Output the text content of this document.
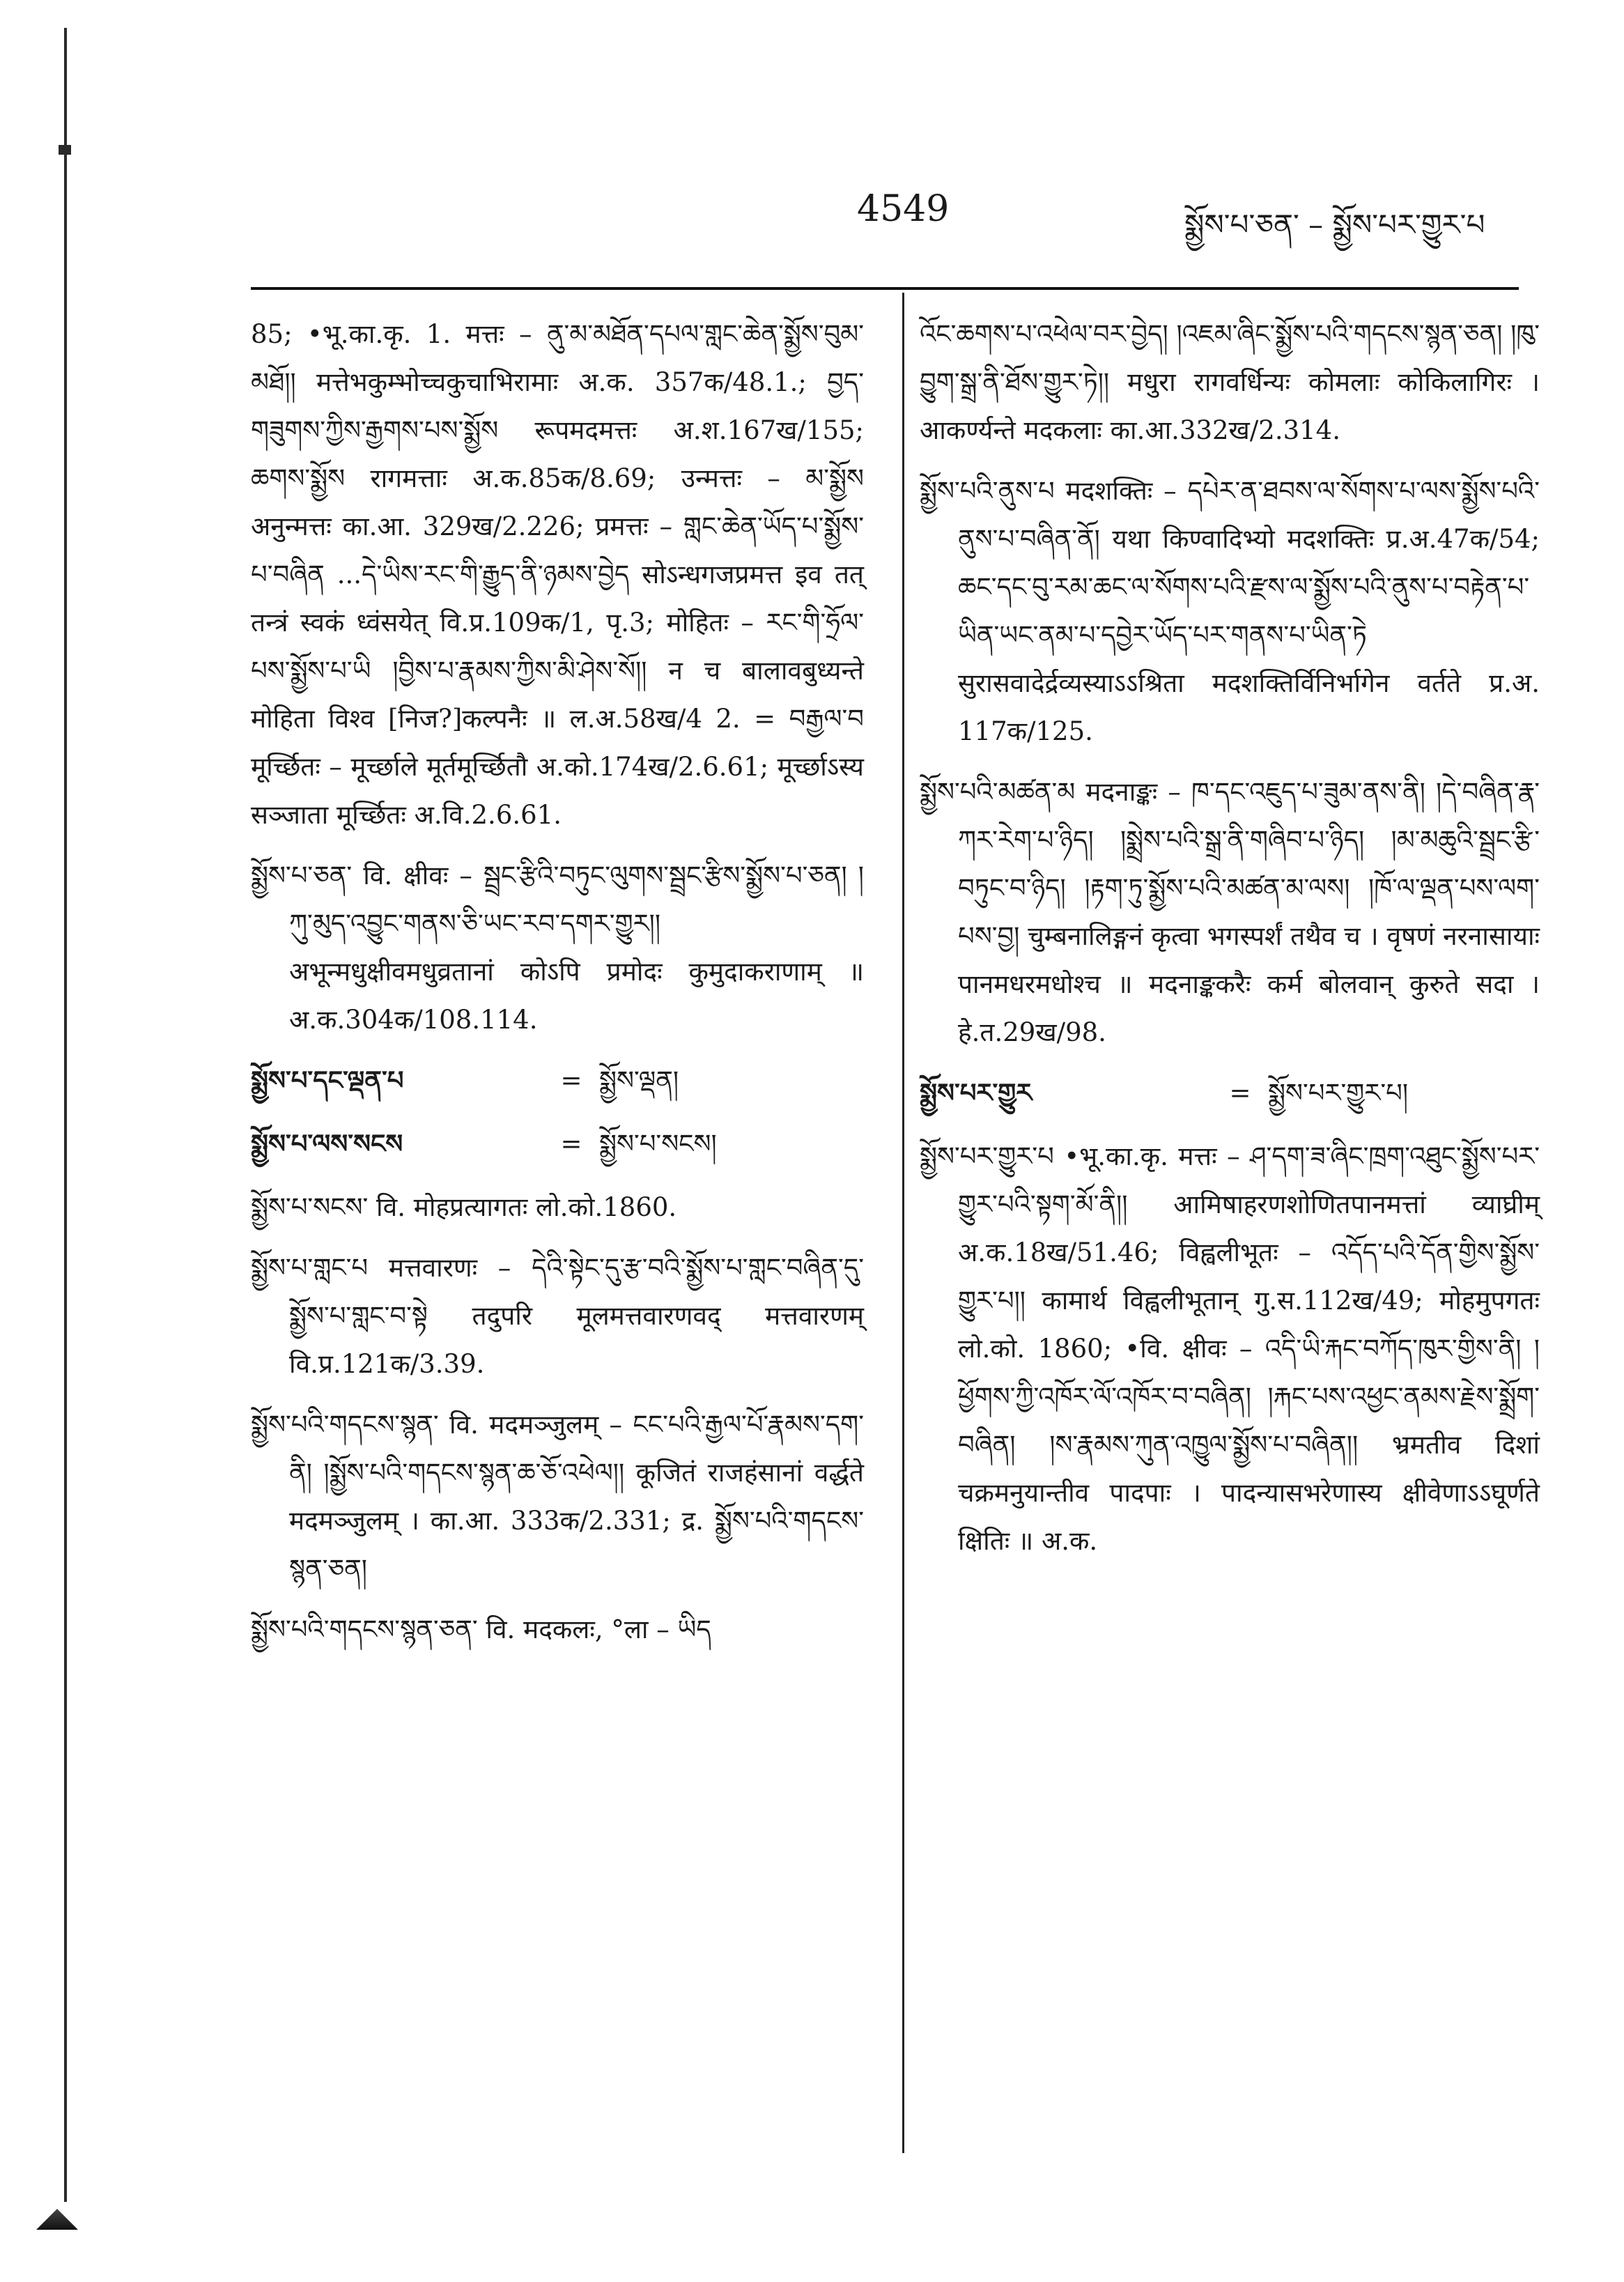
4549	སྨྱོས་པ་ཅན་ – སྨྱོས་པར་གྱུར་པ

85; •भू.का.कृ. 1. मत्तः – ནུ་མ་མཐོན་དཔལ་གླང་ཆེན་སྨྱོས་བུམ་མཐོ།། मत्तेभकुम्भोच्चकुचाभिरामाः अ.क. 357क/48.1.; བྱད་གཟུགས་ཀྱིས་རྒྱགས་པས་སྨྱོས रूपमदमत्तः अ.श.167ख/155; ཆགས་སྨྱོས रागमत्ताः अ.क.85क/8.69; उन्मत्तः – མ་སྨྱོས अनुन्मत्तः का.आ. 329ख/2.226; प्रमत्तः – གླང་ཆེན་ཡོད་པ་སྨྱོས་པ་བཞིན ...དེ་ཡིས་རང་གི་རྒྱུད་ནི་ཉམས་བྱེད सोऽन्धगजप्रमत्त इव तत् तन्त्रं स्वकं ध्वंसयेत् वि.प्र.109क/1, पृ.3; मोहितः – རང་གི་ཧྲོལ་པས་སྨྱོས་པ་ཡི །བྱིས་པ་རྣམས་ཀྱིས་མི་ཤེས་སོ།། न च बालावबुध्यन्ते मोहिता विश्व [निज?]कल्पनैः ॥ ल.अ.58ख/4 2. = བརྒྱལ་བ मूर्च्छितः – मूर्च्छाले मूर्तमूर्च्छितौ अ.को.174ख/2.6.61; मूर्च्छाऽस्य सञ्जाता मूर्च्छितः अ.वि.2.6.61.

སྨྱོས་པ་ཅན་ वि. क्षीवः – སྦྲང་རྩིའི་བཏུང་ལུགས་སྦྲང་རྩིས་སྨྱོས་པ་ཅན། །ཀུ་མུད་འབྱུང་གནས་ཅི་ཡང་རབ་དགར་གྱུར།། अभून्मधुक्षीवमधुव्रतानां कोऽपि प्रमोदः कुमुदाकराणाम् ॥ अ.क.304क/108.114.

སྨྱོས་པ་དང་ལྡན་པ	= སྨྱོས་ལྡན།
སྨྱོས་པ་ལས་སངས	= སྨྱོས་པ་སངས།

སྨྱོས་པ་སངས་ वि. मोहप्रत्यागतः लो.को.1860.

སྨྱོས་པ་གླང་པ मत्तवारणः – དེའི་སྟེང་དུ་རྩ་བའི་སྨྱོས་པ་གླང་བཞིན་དུ་སྨྱོས་པ་གླང་བ་སྟེ तदुपरि मूलमत्तवारणवद् मत्तवारणम् वि.प्र.121क/3.39.

སྨྱོས་པའི་གདངས་སྙན་ वि. मदमञ्जुलम् – ངང་པའི་རྒྱལ་པོ་རྣམས་དག་ནི། །སྨྱོས་པའི་གདངས་སྙན་ཆ་ཅོ་འཕེལ།། कूजितं राजहंसानां वर्द्धते मदमञ्जुलम् । का.आ. 333क/2.331; द्र. སྨྱོས་པའི་གདངས་སྙན་ཅན།

སྨྱོས་པའི་གདངས་སྙན་ཅན་ वि. मदकलः, °ला – ཡིད

འོང་ཆགས་པ་འཕེལ་བར་བྱེད། །འཇམ་ཞིང་སྨྱོས་པའི་གདངས་སྙན་ཅན། །ཁུ་བྱུག་སྒྲ་ནི་ཐོས་གྱུར་ཏེ།། मधुरा रागवर्धिन्यः कोमलाः कोकिलागिरः । आकर्ण्यन्ते मदकलाः का.आ.332ख/2.314.

སྨྱོས་པའི་ནུས་པ मदशक्तिः – དཔེར་ན་ཐབས་ལ་སོགས་པ་ལས་སྨྱོས་པའི་ནུས་པ་བཞིན་ནོ། यथा किण्वादिभ्यो मदशक्तिः प्र.अ.47क/54; ཆང་དང་བུ་རམ་ཆང་ལ་སོགས་པའི་རྫས་ལ་སྨྱོས་པའི་ནུས་པ་བརྟེན་པ་ཡིན་ཡང་ནམ་པ་དབྱེར་ཡོད་པར་གནས་པ་ཡིན་ཏེ सुरासवादेर्द्रव्यस्याऽऽश्रिता मदशक्तिर्विनिर्भागेन वर्तते प्र.अ. 117क/125.

སྨྱོས་པའི་མཚན་མ मदनाङ्कः – ཁ་དང་འཇུད་པ་ཟུམ་ནས་ནི། །དེ་བཞིན་རྣ་ཀར་རེག་པ་ཉིད། །སྨྲེས་པའི་སྒྲ་ནི་གཞིབ་པ་ཉིད། །མ་མཆུའི་སྦྲང་རྩི་བཏུང་བ་ཉིད། །རྟག་ཏུ་སྨྱོས་པའི་མཚན་མ་ལས། །ཁོ་ལ་ལྡན་པས་ལག་པས་བྱ། चुम्बनालिङ्गनं कृत्वा भगस्पर्शं तथैव च । वृषणं नरनासायाः पानमधरमधोश्च ॥ मदनाङ्ककरैः कर्म बोलवान् कुरुते सदा । हे.त.29ख/98.

སྨྱོས་པར་གྱུར	= སྨྱོས་པར་གྱུར་པ།

སྨྱོས་པར་གྱུར་པ •भू.का.कृ. मत्तः – ཤ་དག་ཟ་ཞིང་ཁྲག་འཐུང་སྨྱོས་པར་གྱུར་པའི་སྟག་མོ་ནི།། आमिषाहरणशोणितपानमत्तां व्याघ्रीम् अ.क.18ख/51.46; विह्वलीभूतः – འདོད་པའི་དོན་གྱིས་སྨྱོས་གྱུར་པ།། कामार्थ विह्वलीभूतान् गु.स.112ख/49; मोहमुपगतः लो.को. 1860; •वि. क्षीवः – འདི་ཡི་རྐང་བཀོད་ཁུར་གྱིས་ནི། །ཕྱོགས་ཀྱི་འཁོར་ལོ་འཁོར་བ་བཞིན། །རྐང་པས་འཕྱང་ནམས་རྗེས་སྨྲོག་བཞིན། །ས་རྣམས་ཀུན་འཁྱུལ་སྨྱོས་པ་བཞིན།། भ्रमतीव दिशां चक्रमनुयान्तीव पादपाः । पादन्यासभरेणास्य क्षीवेणाऽऽघूर्णते क्षितिः ॥ अ.क.
